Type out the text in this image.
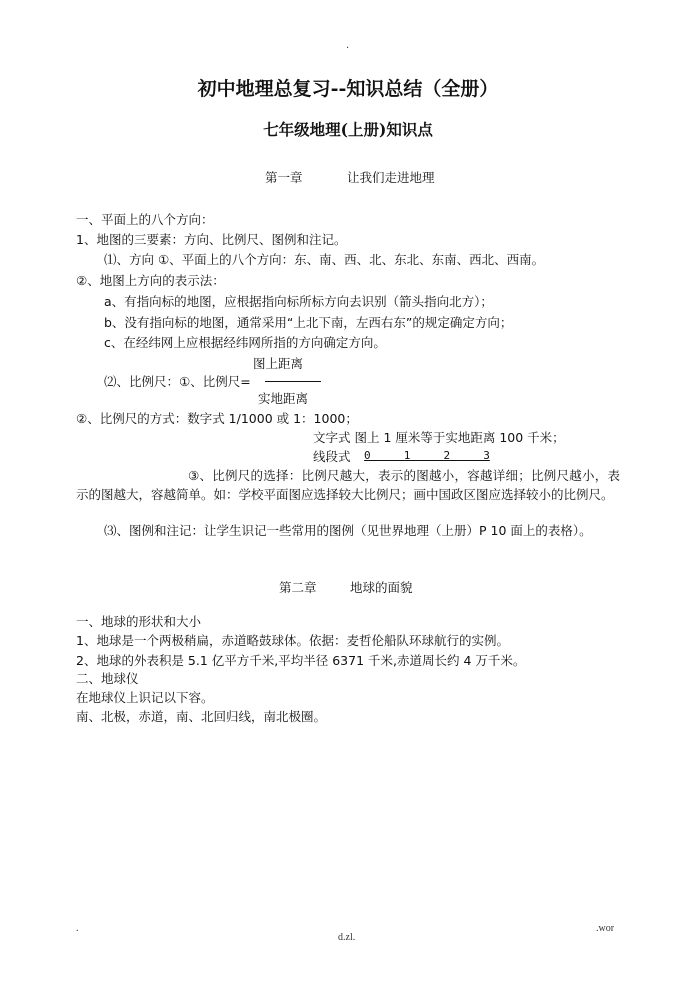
.
初中地理总复习--知识总结（全册）
七年级地理(上册)知识点
第一章	让我们走进地理
一、平面上的八个方向：
1、地图的三要素：方向、比例尺、图例和注记。
⑴、方向 ①、平面上的八个方向：东、南、西、北、东北、东南、西北、西南。
②、地图上方向的表示法：
a、有指向标的地图，应根据指向标所标方向去识别（箭头指向北方）；
b、没有指向标的地图，通常采用“上北下南，左西右东”的规定确定方向；
c、在经纬网上应根据经纬网所指的方向确定方向。
图上距离
⑵、比例尺：①、比例尺=
实地距离
②、比例尺的方式：数字式 1/1000 或 1：1000；
文字式 图上 1 厘米等于实地距离 100 千米；
线段式 0     1     2     3
③、比例尺的选择：比例尺越大，表示的图越小，容越详细；比例尺越小，表示的图越大，容越简单。如：学校平面图应选择较大比例尺；画中国政区图应选择较小的比例尺。
⑶、图例和注记：让学生识记一些常用的图例（见世界地理（上册）P 10 面上的表格）。
第二章	地球的面貌
一、地球的形状和大小
1、地球是一个两极稍扁，赤道略鼓球体。依据：麦哲伦船队环球航行的实例。
2、地球的外表积是 5.1 亿平方千米,平均半径 6371 千米,赤道周长约 4 万千米。
二、地球仪
在地球仪上识记以下容。
南、北极，赤道，南、北回归线，南北极圈。
.
d.zl.
.wor
